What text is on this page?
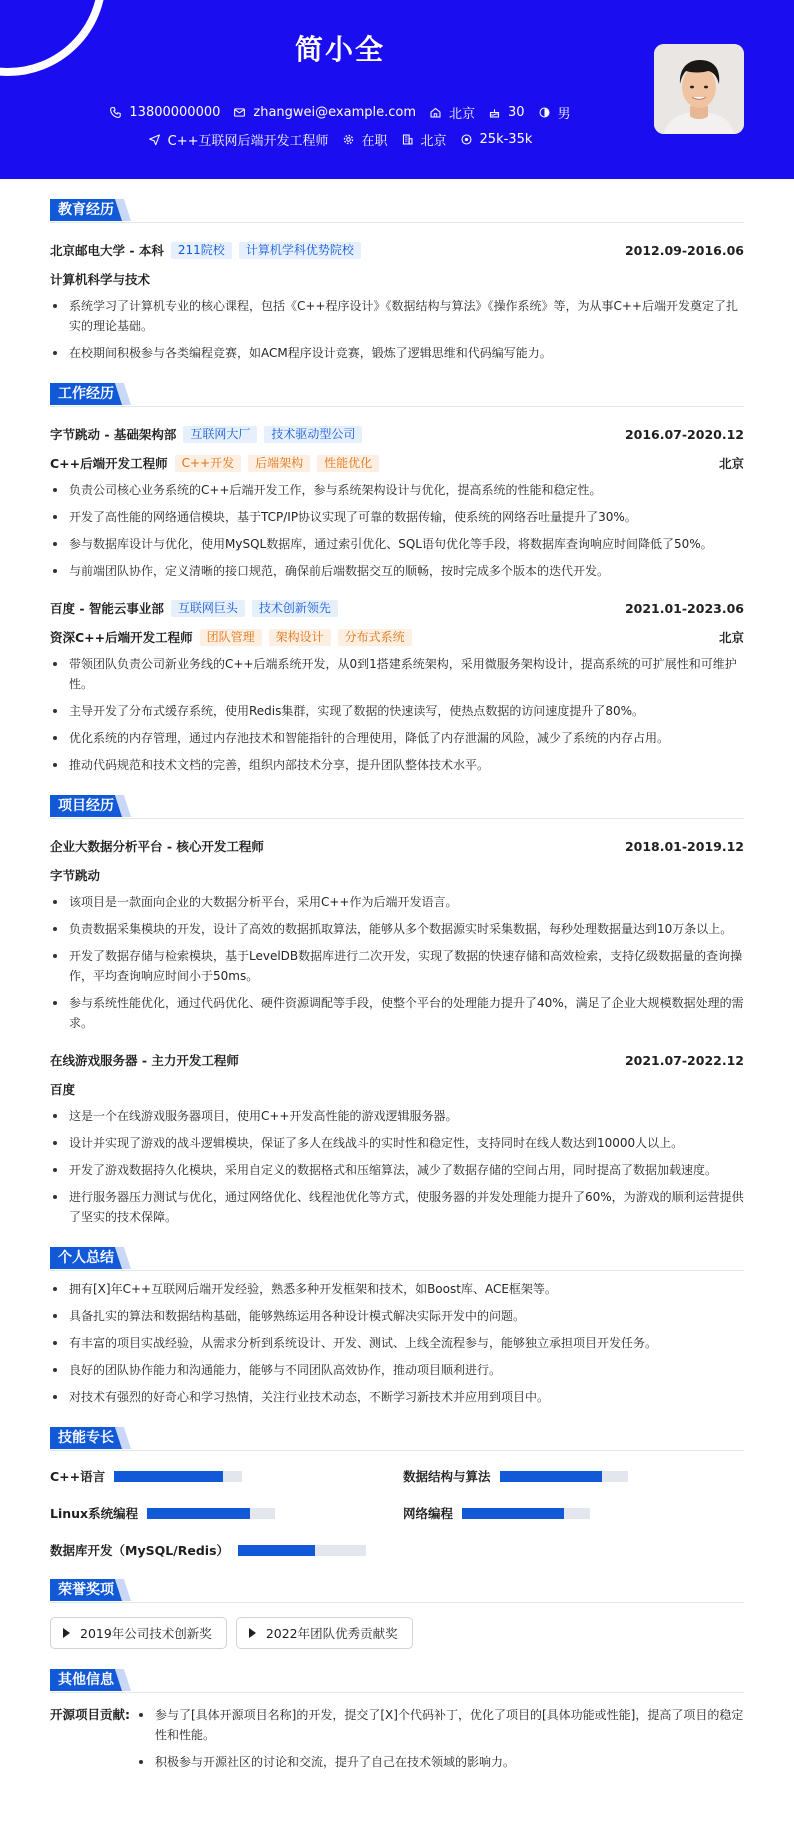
简小全
13800000000	zhangwei@example.com	北京	30	男
C++互联网后端开发工程师	在职	北京	25k-35k
教育经历
北京邮电大学 - 本科	211院校	计算机学科优势院校	2012.09-2016.06
计算机科学与技术
系统学习了计算机专业的核心课程，包括《C++程序设计》《数据结构与算法》《操作系统》等，为从事C++后端开发奠定了扎实的理论基础。
在校期间积极参与各类编程竞赛，如ACM程序设计竞赛，锻炼了逻辑思维和代码编写能力。
工作经历
字节跳动 - 基础架构部	互联网大厂	技术驱动型公司	2016.07-2020.12
C++后端开发工程师	C++开发	后端架构	性能优化	北京
负责公司核心业务系统的C++后端开发工作，参与系统架构设计与优化，提高系统的性能和稳定性。
开发了高性能的网络通信模块，基于TCP/IP协议实现了可靠的数据传输，使系统的网络吞吐量提升了30%。
参与数据库设计与优化，使用MySQL数据库，通过索引优化、SQL语句优化等手段，将数据库查询响应时间降低了50%。
与前端团队协作，定义清晰的接口规范，确保前后端数据交互的顺畅，按时完成多个版本的迭代开发。
百度 - 智能云事业部	互联网巨头	技术创新领先	2021.01-2023.06
资深C++后端开发工程师	团队管理	架构设计	分布式系统	北京
带领团队负责公司新业务线的C++后端系统开发，从0到1搭建系统架构，采用微服务架构设计，提高系统的可扩展性和可维护性。
主导开发了分布式缓存系统，使用Redis集群，实现了数据的快速读写，使热点数据的访问速度提升了80%。
优化系统的内存管理，通过内存池技术和智能指针的合理使用，降低了内存泄漏的风险，减少了系统的内存占用。
推动代码规范和技术文档的完善，组织内部技术分享，提升团队整体技术水平。
项目经历
企业大数据分析平台 - 核心开发工程师	2018.01-2019.12
字节跳动
该项目是一款面向企业的大数据分析平台，采用C++作为后端开发语言。
负责数据采集模块的开发，设计了高效的数据抓取算法，能够从多个数据源实时采集数据，每秒处理数据量达到10万条以上。
开发了数据存储与检索模块，基于LevelDB数据库进行二次开发，实现了数据的快速存储和高效检索，支持亿级数据量的查询操作，平均查询响应时间小于50ms。
参与系统性能优化，通过代码优化、硬件资源调配等手段，使整个平台的处理能力提升了40%，满足了企业大规模数据处理的需求。
在线游戏服务器 - 主力开发工程师	2021.07-2022.12
百度
这是一个在线游戏服务器项目，使用C++开发高性能的游戏逻辑服务器。
设计并实现了游戏的战斗逻辑模块，保证了多人在线战斗的实时性和稳定性，支持同时在线人数达到10000人以上。
开发了游戏数据持久化模块，采用自定义的数据格式和压缩算法，减少了数据存储的空间占用，同时提高了数据加载速度。
进行服务器压力测试与优化，通过网络优化、线程池优化等方式，使服务器的并发处理能力提升了60%，为游戏的顺利运营提供了坚实的技术保障。
个人总结
拥有[X]年C++互联网后端开发经验，熟悉多种开发框架和技术，如Boost库、ACE框架等。
具备扎实的算法和数据结构基础，能够熟练运用各种设计模式解决实际开发中的问题。
有丰富的项目实战经验，从需求分析到系统设计、开发、测试、上线全流程参与，能够独立承担项目开发任务。
良好的团队协作能力和沟通能力，能够与不同团队高效协作，推动项目顺利进行。
对技术有强烈的好奇心和学习热情，关注行业技术动态，不断学习新技术并应用到项目中。
技能专长
C++语言	数据结构与算法
Linux系统编程	网络编程
数据库开发（MySQL/Redis）
荣誉奖项
2019年公司技术创新奖	2022年团队优秀贡献奖
其他信息
开源项目贡献:	参与了[具体开源项目名称]的开发，提交了[X]个代码补丁，优化了项目的[具体功能或性能]，提高了项目的稳定性和性能。
积极参与开源社区的讨论和交流，提升了自己在技术领域的影响力。
